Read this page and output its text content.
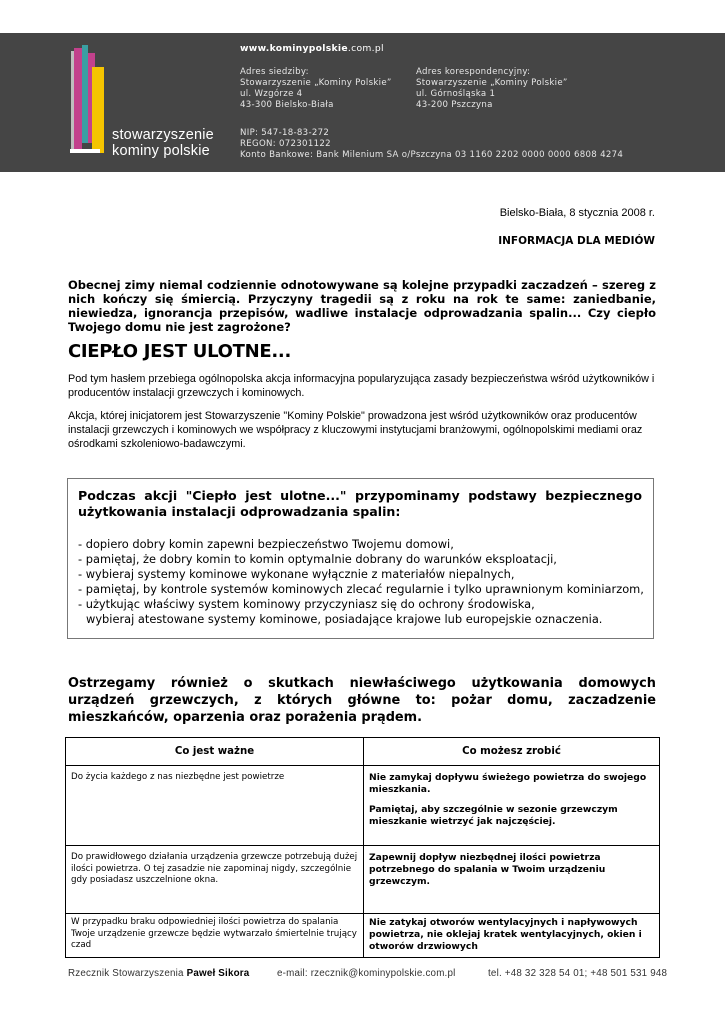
stowarzyszenie
kominy polskie
www.kominypolskie.com.pl
Adres siedziby:
Stowarzyszenie „Kominy Polskie”
ul. Wzgórze 4
43-300 Bielsko-Biała
Adres korespondencyjny:
Stowarzyszenie „Kominy Polskie”
ul. Górnośląska 1
43-200 Pszczyna
NIP: 547-18-83-272
REGON: 072301122
Konto Bankowe: Bank Milenium SA o/Pszczyna 03 1160 2202 0000 0000 6808 4274
Bielsko-Biała, 8 stycznia 2008 r.
INFORMACJA DLA MEDIÓW
Obecnej zimy niemal codziennie odnotowywane są kolejne przypadki zaczadzeń – szereg z nich kończy się śmiercią. Przyczyny tragedii są z roku na rok te same: zaniedbanie, niewiedza, ignorancja przepisów, wadliwe instalacje odprowadzania spalin... Czy ciepło Twojego domu nie jest zagrożone?
CIEPŁO JEST ULOTNE...
Pod tym hasłem przebiega ogólnopolska akcja informacyjna popularyzująca zasady bezpieczeństwa wśród użytkowników i producentów instalacji grzewczych i kominowych.
Akcja, której inicjatorem jest Stowarzyszenie "Kominy Polskie" prowadzona jest wśród użytkowników oraz producentów instalacji grzewczych i kominowych we współpracy z kluczowymi instytucjami branżowymi, ogólnopolskimi mediami oraz ośrodkami szkoleniowo-badawczymi.
Podczas akcji "Ciepło jest ulotne..." przypominamy podstawy bezpiecznego użytkowania instalacji odprowadzania spalin:
- dopiero dobry komin zapewni bezpieczeństwo Twojemu domowi,
- pamiętaj, że dobry komin to komin optymalnie dobrany do warunków eksploatacji,
- wybieraj systemy kominowe wykonane wyłącznie z materiałów niepalnych,
- pamiętaj, by kontrole systemów kominowych zlecać regularnie i tylko uprawnionym kominiarzom,
- użytkując właściwy system kominowy przyczyniasz się do ochrony środowiska,
wybieraj atestowane systemy kominowe, posiadające krajowe lub europejskie oznaczenia.
Ostrzegamy również o skutkach niewłaściwego użytkowania domowych urządzeń grzewczych, z których główne to: pożar domu, zaczadzenie mieszkańców, oparzenia oraz porażenia prądem.
Co jest ważne	Co możesz zrobić
Do życia każdego z nas niezbędne jest powietrze	Nie zamykaj dopływu świeżego powietrza do swojego mieszkania.

Pamiętaj, aby szczególnie w sezonie grzewczym mieszkanie wietrzyć jak najczęściej.

Do prawidłowego działania urządzenia grzewcze potrzebują dużej ilości powietrza. O tej zasadzie nie zapominaj nigdy, szczególnie gdy posiadasz uszczelnione okna.	Zapewnij dopływ niezbędnej ilości powietrza potrzebnego do spalania w Twoim urządzeniu grzewczym.
W przypadku braku odpowiedniej ilości powietrza do spalania Twoje urządzenie grzewcze będzie wytwarzało śmiertelnie trujący czad	Nie zatykaj otworów wentylacyjnych i napływowych powietrza, nie oklejaj kratek wentylacyjnych, okien i otworów drzwiowych
Rzecznik Stowarzyszenia Paweł Sikora	e-mail: rzecznik@kominypolskie.com.pl	tel. +48 32 328 54 01; +48 501 531 948
